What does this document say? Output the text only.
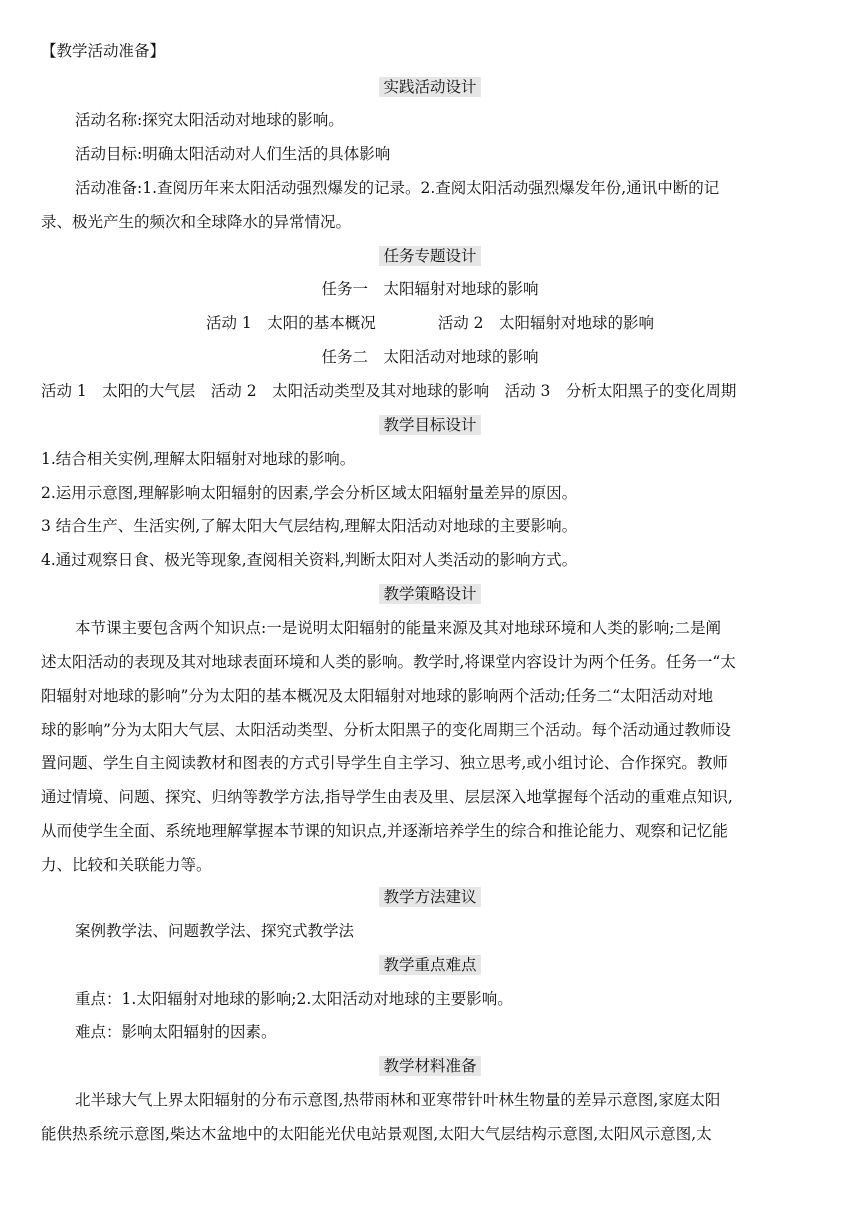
【教学活动准备】
实践活动设计
活动名称:探究太阳活动对地球的影响。
活动目标:明确太阳活动对人们生活的具体影响
活动准备:1.查阅历年来太阳活动强烈爆发的记录。2.查阅太阳活动强烈爆发年份,通讯中断的记
录、极光产生的频次和全球降水的异常情况。
任务专题设计
任务一　太阳辐射对地球的影响
活动 1　太阳的基本概况　　　　活动 2　太阳辐射对地球的影响
任务二　太阳活动对地球的影响
活动 1　太阳的大气层　活动 2　太阳活动类型及其对地球的影响　活动 3　分析太阳黑子的变化周期
教学目标设计
1.结合相关实例,理解太阳辐射对地球的影响。
2.运用示意图,理解影响太阳辐射的因素,学会分析区域太阳辐射量差异的原因。
3 结合生产、生活实例,了解太阳大气层结构,理解太阳活动对地球的主要影响。
4.通过观察日食、极光等现象,查阅相关资料,判断太阳对人类活动的影响方式。
教学策略设计
本节课主要包含两个知识点:一是说明太阳辐射的能量来源及其对地球环境和人类的影响;二是阐
述太阳活动的表现及其对地球表面环境和人类的影响。教学时,将课堂内容设计为两个任务。任务一“太
阳辐射对地球的影响”分为太阳的基本概况及太阳辐射对地球的影响两个活动;任务二“太阳活动对地
球的影响”分为太阳大气层、太阳活动类型、分析太阳黑子的变化周期三个活动。每个活动通过教师设
置问题、学生自主阅读教材和图表的方式引导学生自主学习、独立思考,或小组讨论、合作探究。教师
通过情境、问题、探究、归纳等教学方法,指导学生由表及里、层层深入地掌握每个活动的重难点知识,
从而使学生全面、系统地理解掌握本节课的知识点,并逐渐培养学生的综合和推论能力、观察和记忆能
力、比较和关联能力等。
教学方法建议
案例教学法、问题教学法、探究式教学法
教学重点难点
重点：1.太阳辐射对地球的影响;2.太阳活动对地球的主要影响。
难点：影响太阳辐射的因素。
教学材料准备
北半球大气上界太阳辐射的分布示意图,热带雨林和亚寒带针叶林生物量的差异示意图,家庭太阳
能供热系统示意图,柴达木盆地中的太阳能光伏电站景观图,太阳大气层结构示意图,太阳风示意图,太
